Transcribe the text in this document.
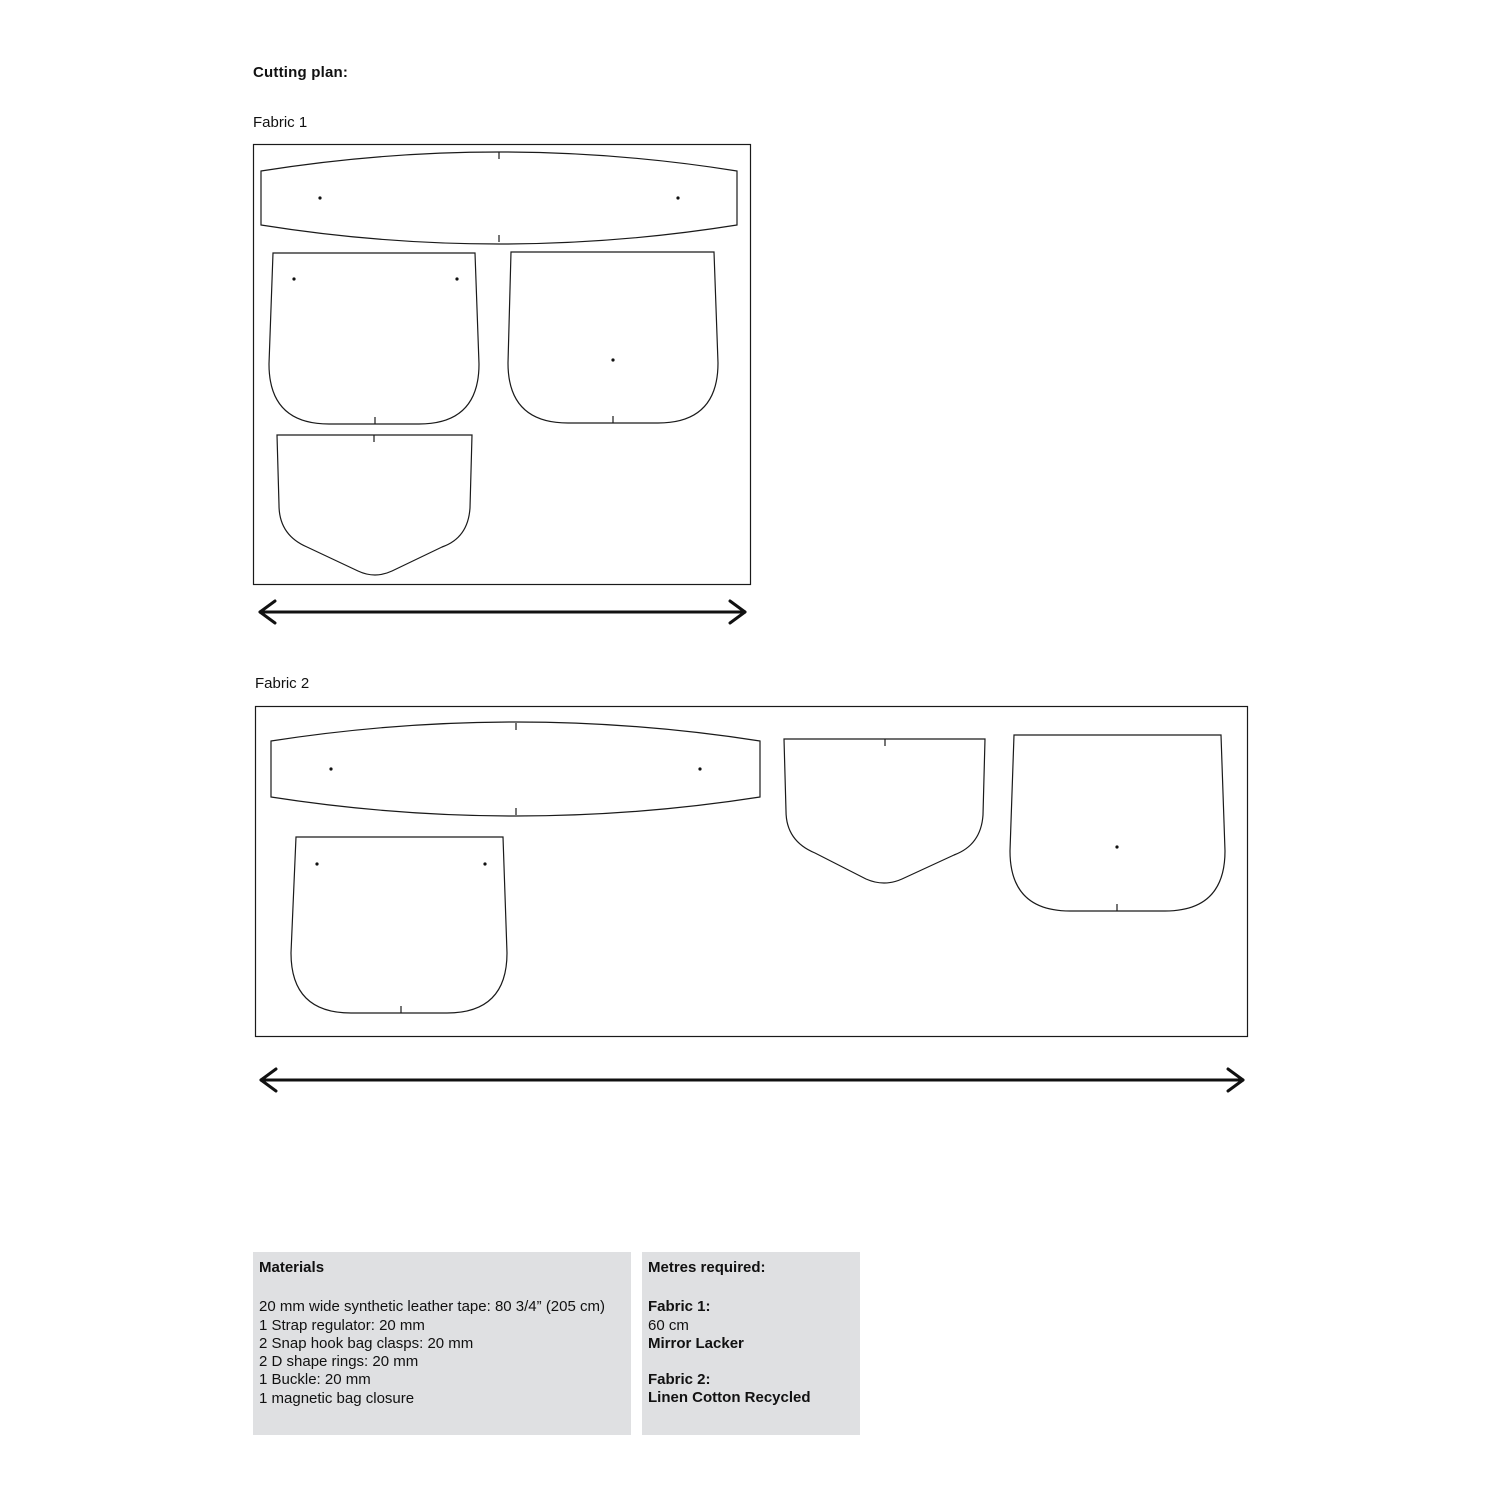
Cutting plan:
Fabric 1
Fabric 2
Materials
20 mm wide synthetic leather tape: 80 3/4” (205 cm)
1 Strap regulator: 20 mm
2 Snap hook bag clasps: 20 mm
2 D shape rings: 20 mm
1 Buckle: 20 mm
1 magnetic bag closure
Metres required:
Fabric 1:
60 cm
Mirror Lacker
Fabric 2:
Linen Cotton Recycled
